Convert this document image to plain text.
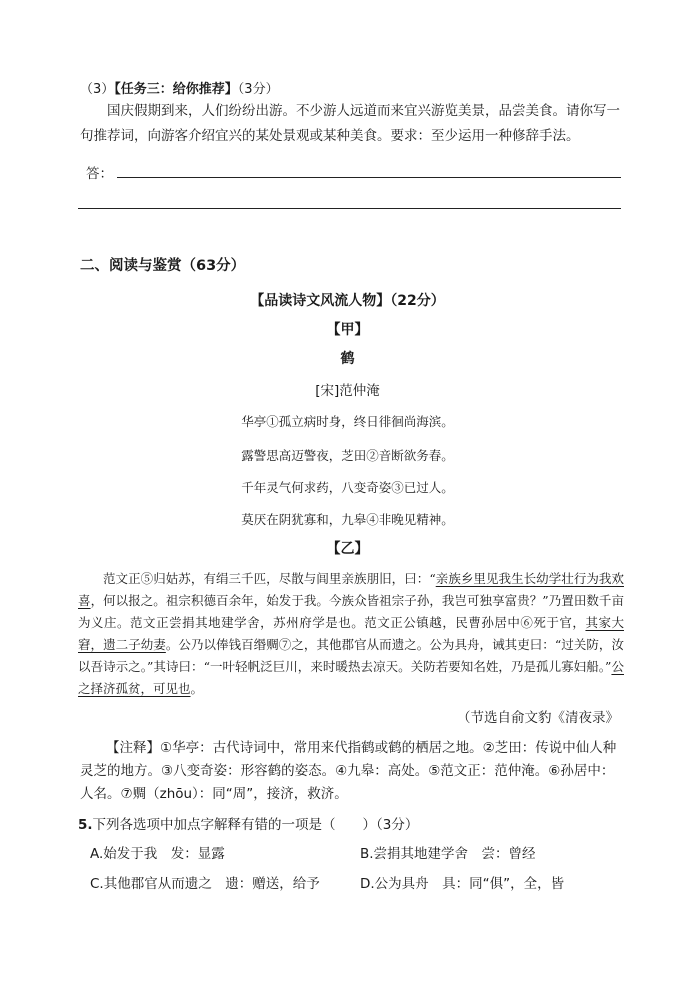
（3）【任务三：给你推荐】（3分）
国庆假期到来，人们纷纷出游。不少游人远道而来宜兴游览美景，品尝美食。请你写一句推荐词，向游客介绍宜兴的某处景观或某种美食。要求：至少运用一种修辞手法。
答：
二、阅读与鉴赏（63分）
【品读诗文风流人物】（22分）
【甲】
鹤
[宋]范仲淹
华亭①孤立病时身，终日徘徊尚海滨。
露警思高迈警夜，芝田②音断欲务春。
千年灵气何求药，八变奇姿③已过人。
莫厌在阴犹寡和，九皋④非晚见精神。
【乙】
范文正⑤归姑苏，有绢三千匹，尽散与闾里亲族朋旧，曰：“亲族乡里见我生长幼学壮行为我欢喜，何以报之。祖宗积德百余年，始发于我。今族众皆祖宗子孙，我岂可独享富贵？”乃置田数千亩为义庄。范文正尝捐其地建学舍，苏州府学是也。范文正公镇越，民曹孙居中⑥死于官，其家大窘，遗二子幼妻。公乃以俸钱百缗赒⑦之，其他郡官从而遗之。公为具舟，诫其吏曰：“过关防，汝以吾诗示之。”其诗曰：“一叶轻帆泛巨川，来时暖热去凉天。关防若要知名姓，乃是孤儿寡妇船。”公之择济孤贫，可见也。
（节选自俞文豹《清夜录》
【注释】①华亭：古代诗词中，常用来代指鹤或鹤的栖居之地。②芝田：传说中仙人种灵芝的地方。③八变奇姿：形容鹤的姿态。④九皋：高处。⑤范文正：范仲淹。⑥孙居中：人名。⑦赒（zhōu）：同“周”，接济，救济。
5.下列各选项中加点字解释有错的一项是（　　）（3分）
A.始发于我　发：显露	B.尝捐其地建学舍　尝：曾经
C.其他郡官从而遗之　遗：赠送，给予	D.公为具舟　具：同“俱”，全，皆
